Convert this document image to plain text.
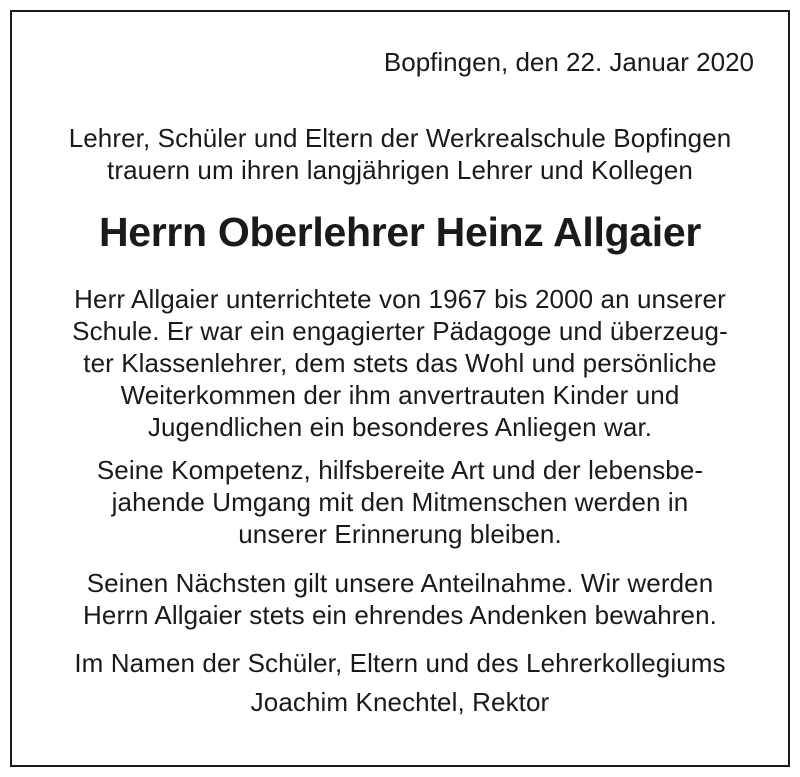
Bopfingen, den 22. Januar 2020
Lehrer, Schüler und Eltern der Werkrealschule Bopfingen
trauern um ihren langjährigen Lehrer und Kollegen
Herrn Oberlehrer Heinz Allgaier
Herr Allgaier unterrichtete von 1967 bis 2000 an unserer
Schule. Er war ein engagierter Pädagoge und überzeug-
ter Klassenlehrer, dem stets das Wohl und persönliche
Weiterkommen der ihm anvertrauten Kinder und
Jugendlichen ein besonderes Anliegen war.
Seine Kompetenz, hilfsbereite Art und der lebensbe-
jahende Umgang mit den Mitmenschen werden in
unserer Erinnerung bleiben.
Seinen Nächsten gilt unsere Anteilnahme. Wir werden
Herrn Allgaier stets ein ehrendes Andenken bewahren.
Im Namen der Schüler, Eltern und des Lehrerkollegiums
Joachim Knechtel, Rektor
